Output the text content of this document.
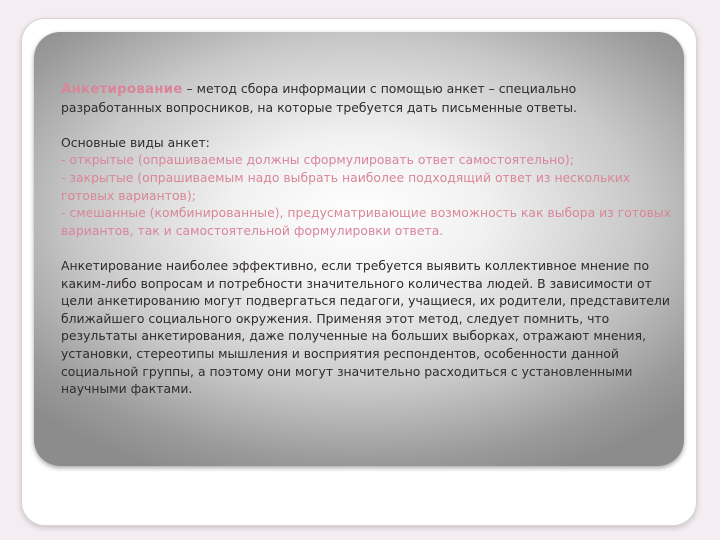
Анкетирование – метод сбора информации с помощью анкет – специально разработанных вопросников, на которые требуется дать письменные ответы.

Основные виды анкет:

- открытые (опрашиваемые должны сформулировать ответ самостоятельно);

- закрытые (опрашиваемым надо выбрать наиболее подходящий ответ из нескольких готовых вариантов);

- смешанные (комбинированные), предусматривающие возможность как выбора из готовых вариантов, так и самостоятельной формулировки ответа.

Анкетирование наиболее эффективно, если требуется выявить коллективное мнение по каким-либо вопросам и потребности значительного количества людей. В зависимости от цели анкетированию могут подвергаться педагоги, учащиеся, их родители, представители ближайшего социального окружения. Применяя этот метод, следует помнить, что результаты анкетирования, даже полученные на больших выборках, отражают мнения, установки, стереотипы мышления и восприятия респондентов, особенности данной социальной группы, а поэтому они могут значительно расходиться с установленными научными фактами.
